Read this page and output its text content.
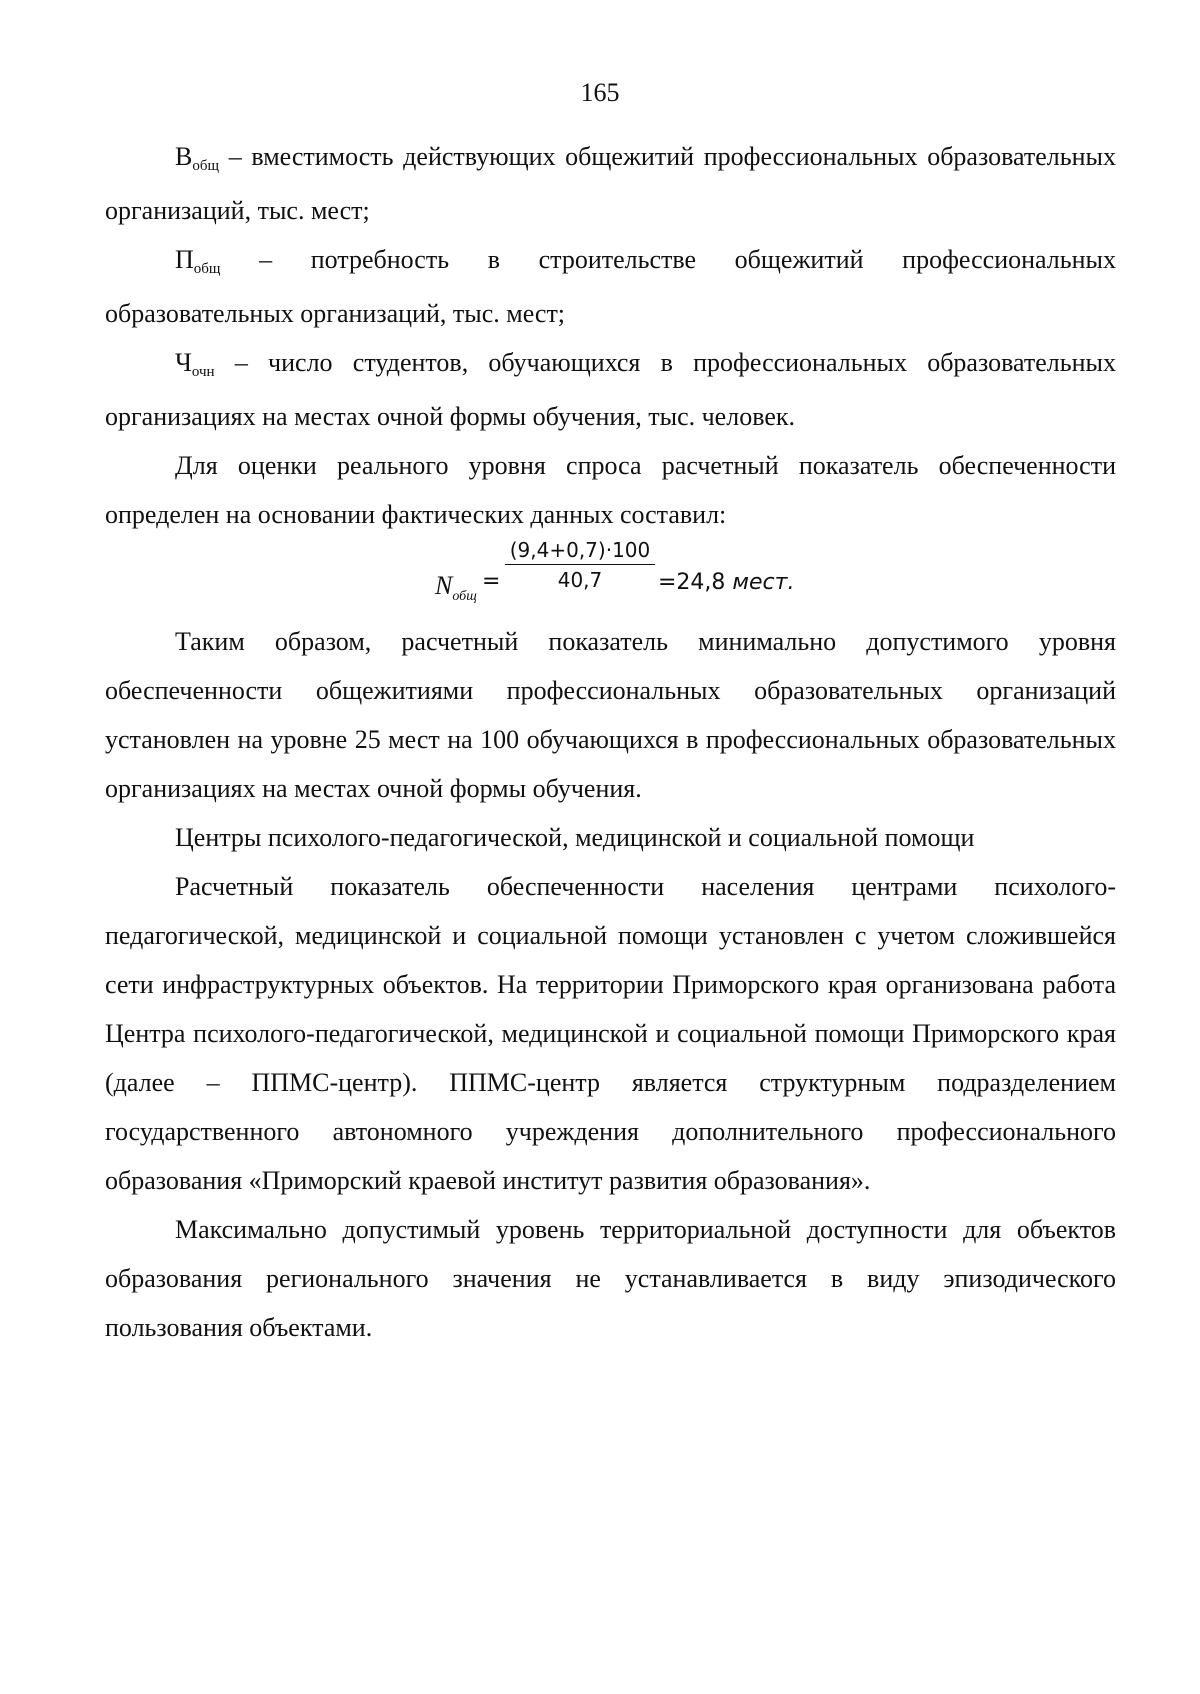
165

Вобщ – вместимость действующих общежитий профессиональных образовательных организаций, тыс. мест;

Побщ – потребность в строительстве общежитий профессиональных образовательных организаций, тыс. мест;

Чочн – число студентов, обучающихся в профессиональных образовательных организациях на местах очной формы обучения, тыс. человек.

Для оценки реального уровня спроса расчетный показатель обеспеченности определен на основании фактических данных составил:

$N_{общ}$
=
(9,4+0,7)·100
40,7	=24,8 мест.

Таким образом, расчетный показатель минимально допустимого уровня обеспеченности общежитиями профессиональных образовательных организаций установлен на уровне 25 мест на 100 обучающихся в профессиональных образовательных организациях на местах очной формы обучения.

Центры психолого-педагогической, медицинской и социальной помощи

Расчетный показатель обеспеченности населения центрами психолого-педагогической, медицинской и социальной помощи установлен с учетом сложившейся сети инфраструктурных объектов. На территории Приморского края организована работа Центра психолого-педагогической, медицинской и социальной помощи Приморского края (далее – ППМС-центр). ППМС-центр является структурным подразделением государственного автономного учреждения дополнительного профессионального образования «Приморский краевой институт развития образования».

Максимально допустимый уровень территориальной доступности для объектов образования регионального значения не устанавливается в виду эпизодического пользования объектами.
